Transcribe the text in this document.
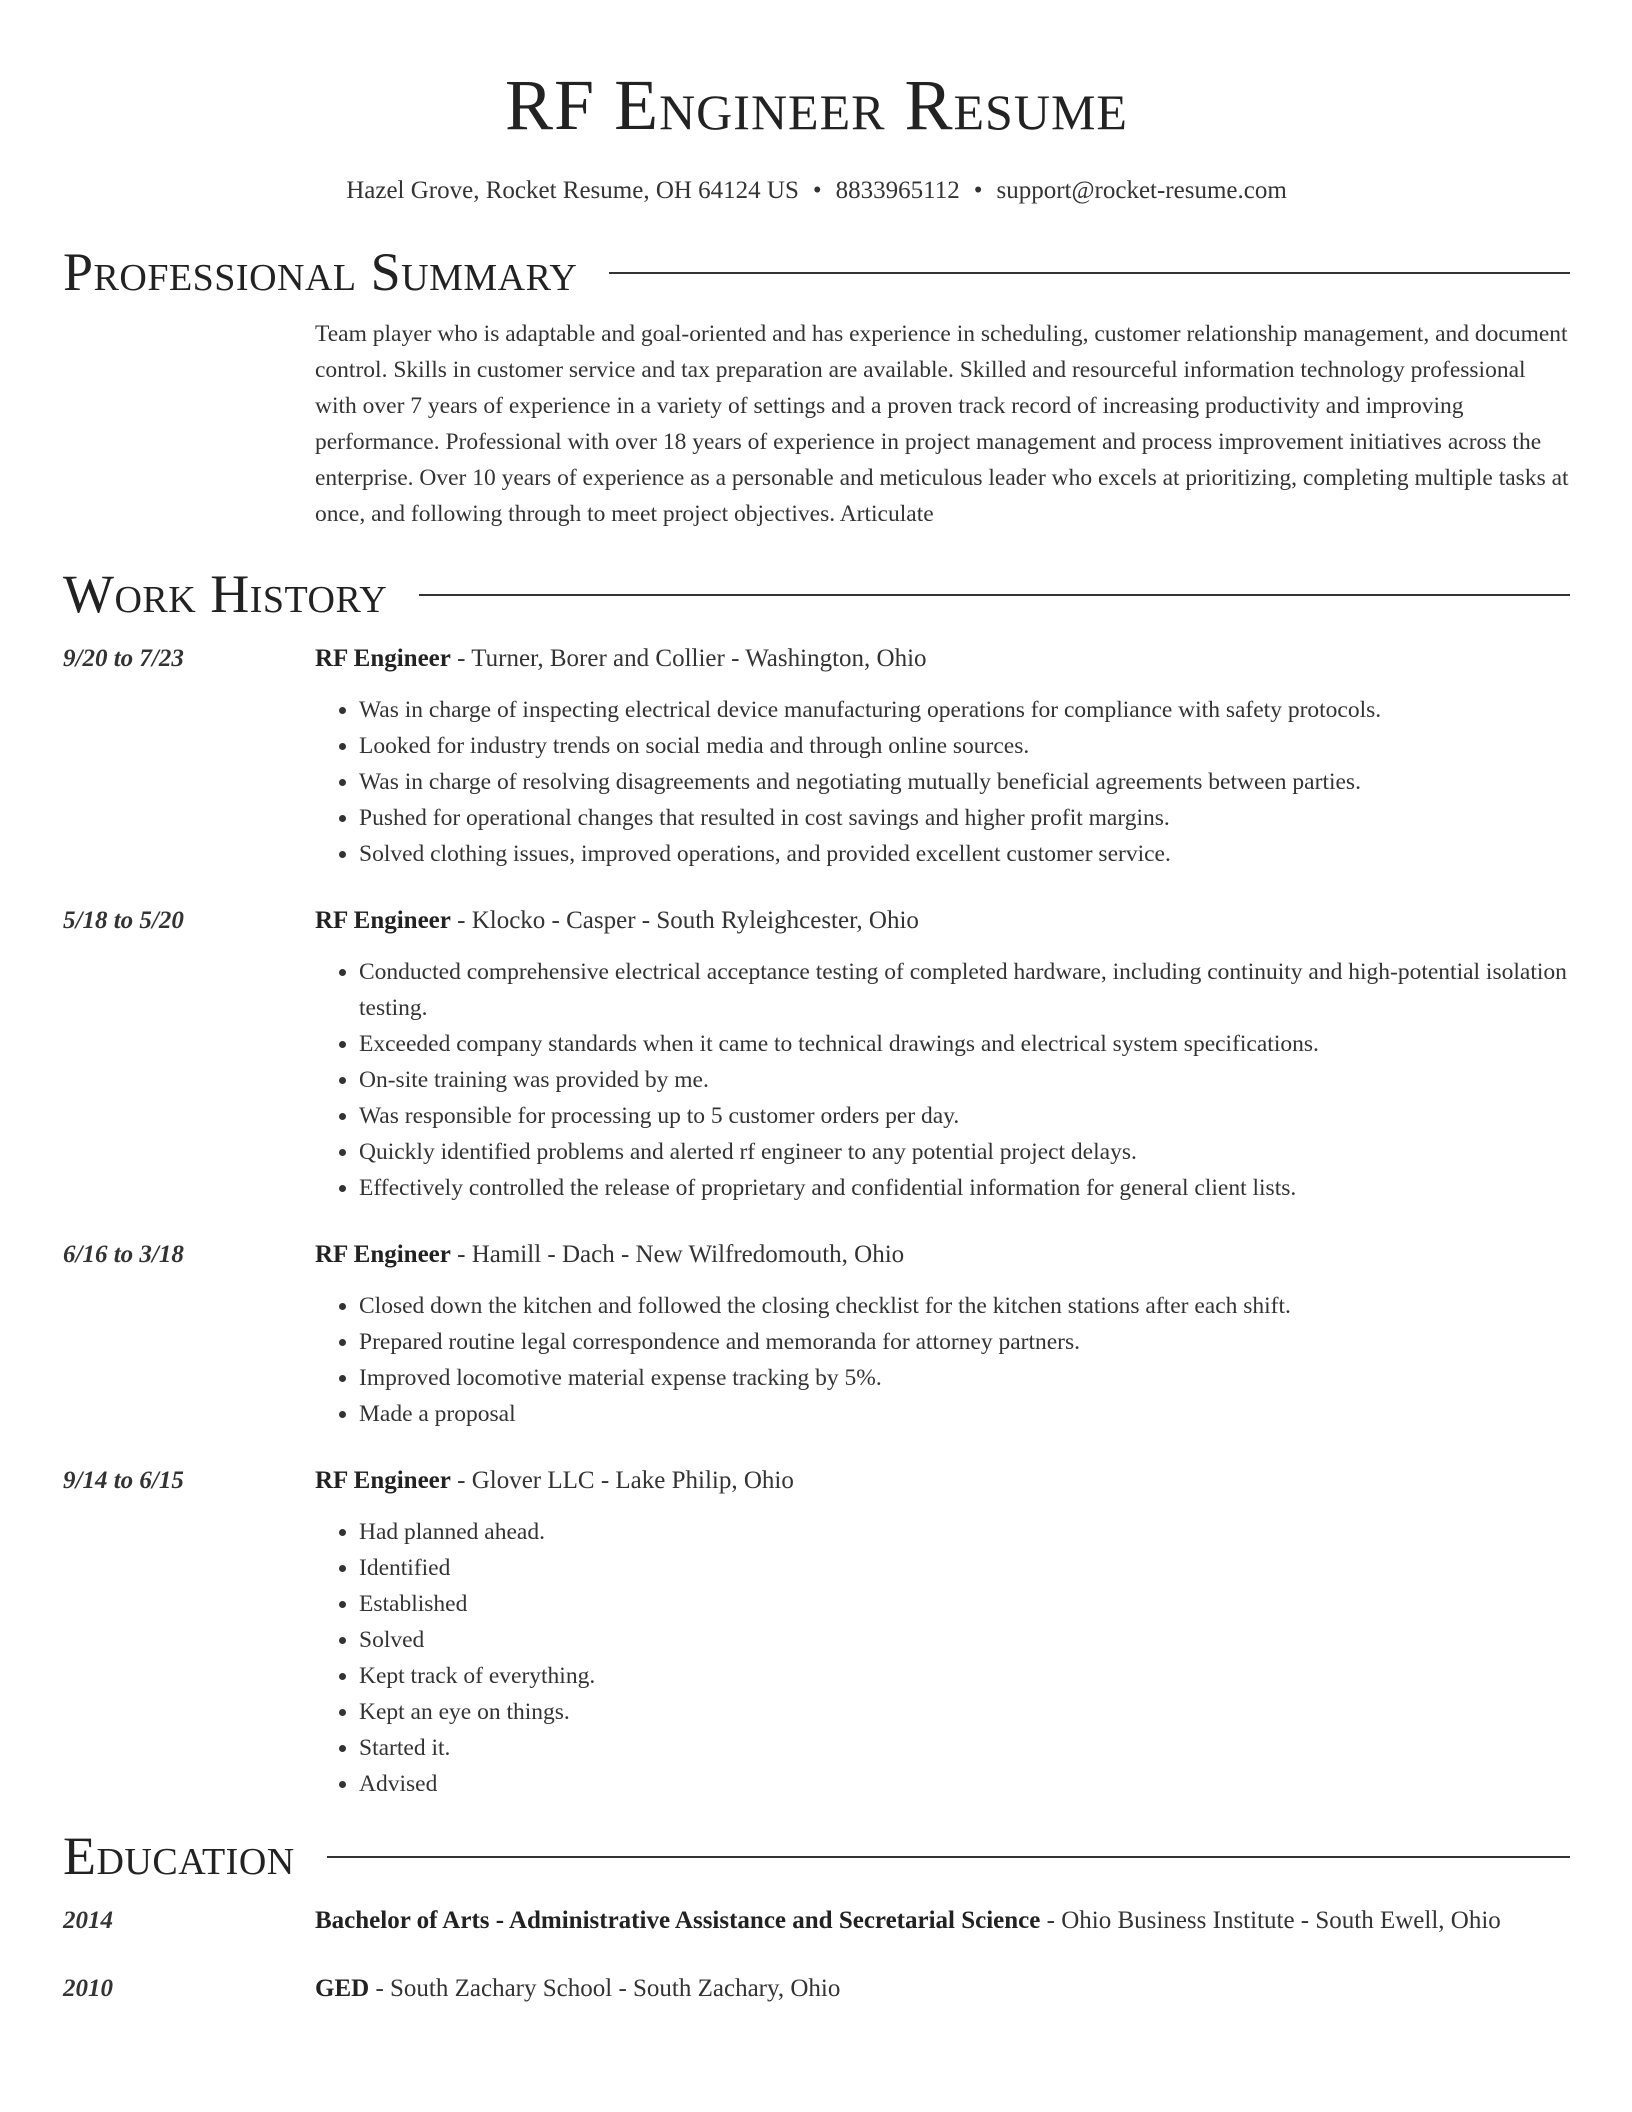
RF Engineer Resume
Hazel Grove, Rocket Resume, OH 64124 US • 8833965112 • support@rocket-resume.com
Professional Summary
Team player who is adaptable and goal-oriented and has experience in scheduling, customer relationship management, and document control. Skills in customer service and tax preparation are available. Skilled and resourceful information technology professional with over 7 years of experience in a variety of settings and a proven track record of increasing productivity and improving performance. Professional with over 18 years of experience in project management and process improvement initiatives across the enterprise. Over 10 years of experience as a personable and meticulous leader who excels at prioritizing, completing multiple tasks at once, and following through to meet project objectives. Articulate
Work History
9/20 to 7/23	RF Engineer - Turner, Borer and Collier - Washington, Ohio
• Was in charge of inspecting electrical device manufacturing operations for compliance with safety protocols.
• Looked for industry trends on social media and through online sources.
• Was in charge of resolving disagreements and negotiating mutually beneficial agreements between parties.
• Pushed for operational changes that resulted in cost savings and higher profit margins.
• Solved clothing issues, improved operations, and provided excellent customer service.
5/18 to 5/20	RF Engineer - Klocko - Casper - South Ryleighcester, Ohio
• Conducted comprehensive electrical acceptance testing of completed hardware, including continuity and high-potential isolation testing.
• Exceeded company standards when it came to technical drawings and electrical system specifications.
• On-site training was provided by me.
• Was responsible for processing up to 5 customer orders per day.
• Quickly identified problems and alerted rf engineer to any potential project delays.
• Effectively controlled the release of proprietary and confidential information for general client lists.
6/16 to 3/18	RF Engineer - Hamill - Dach - New Wilfredomouth, Ohio
• Closed down the kitchen and followed the closing checklist for the kitchen stations after each shift.
• Prepared routine legal correspondence and memoranda for attorney partners.
• Improved locomotive material expense tracking by 5%.
• Made a proposal
9/14 to 6/15	RF Engineer - Glover LLC - Lake Philip, Ohio
• Had planned ahead.
• Identified
• Established
• Solved
• Kept track of everything.
• Kept an eye on things.
• Started it.
• Advised
Education
2014	Bachelor of Arts - Administrative Assistance and Secretarial Science - Ohio Business Institute - South Ewell, Ohio
2010	GED - South Zachary School - South Zachary, Ohio
